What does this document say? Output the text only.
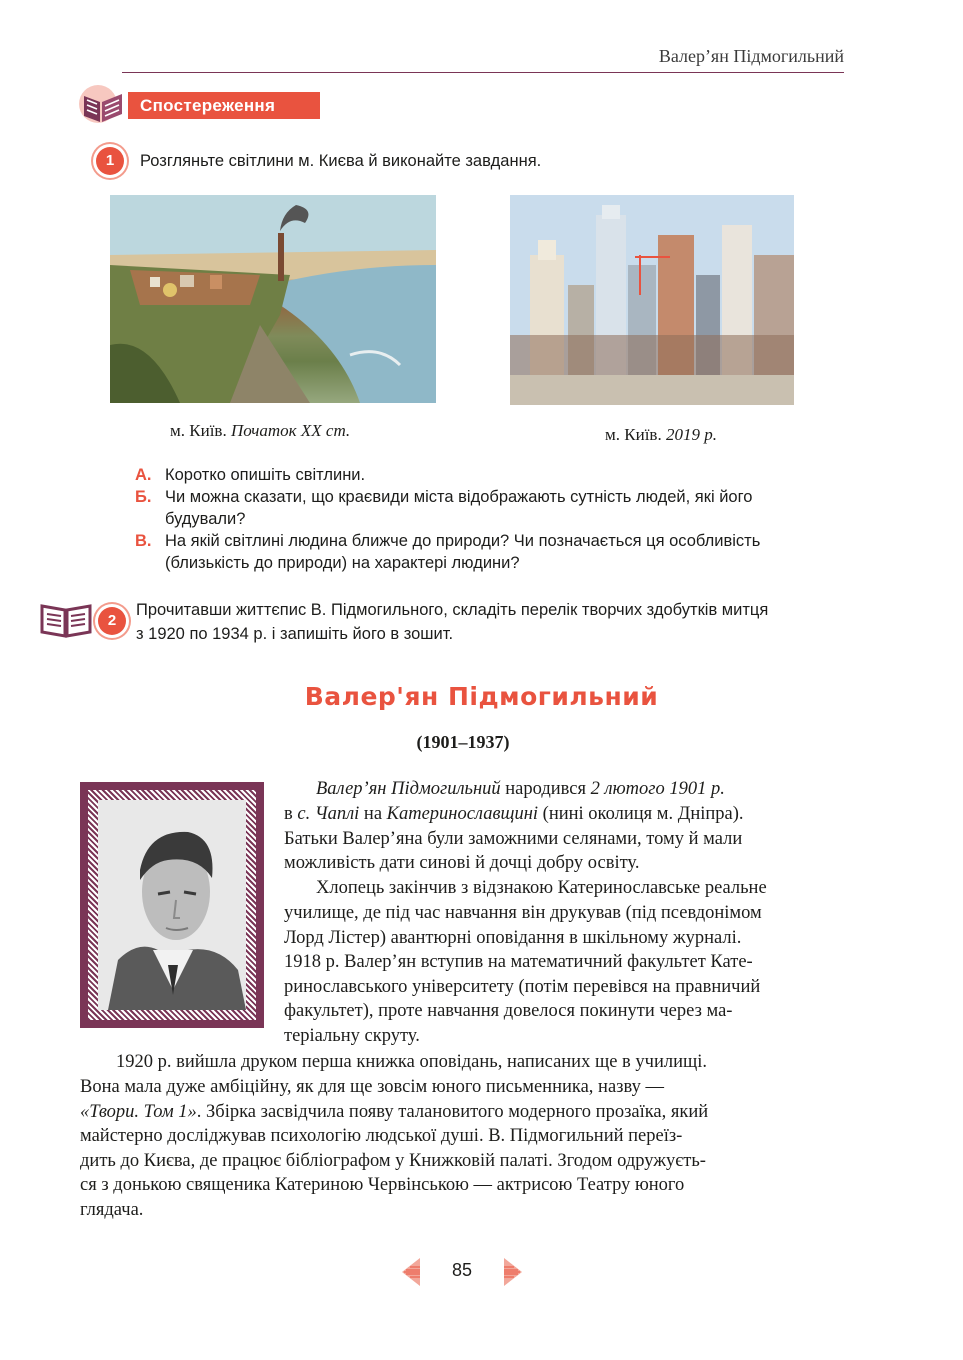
Валер’ян Підмогильний
Спостереження
1	Розгляньте світлини м. Києва й виконайте завдання.
м. Київ. Початок XX ст.	м. Київ. 2019 р.
А. Коротко опишіть світлини.
Б. Чи можна сказати, що краєвиди міста відображають сутність людей, які його
будували?
В. На якій світлині людина ближче до природи? Чи позначається ця особливість
(близькість до природи) на характері людини?
2
Прочитавши життєпис В. Підмогильного, складіть перелік творчих здобутків митця
з 1920 по 1934 р. і запишіть його в зошит.
Валер'ян Підмогильний
(1901–1937)
Валер’ян Підмогильний народився 2 лютого 1901 р.
в с. Чаплі на Катеринославщині (нині околиця м. Дніпра).
Батьки Валер’яна були заможними селянами, тому й мали
можливість дати синові й дочці добру освіту.
Хлопець закінчив з відзнакою Катеринославське реальне
училище, де під час навчання він друкував (під псевдонімом
Лорд Лістер) авантюрні оповідання в шкільному журналі.
1918 р. Валер’ян вступив на математичний факультет Кате-
ринославського університету (потім перевівся на правничий
факультет), проте навчання довелося покинути через ма-
теріальну скруту.
1920 р. вийшла друком перша книжка оповідань, написаних ще в училищі.
Вона мала дуже амбіційну, як для ще зовсім юного письменника, назву —
«Твори. Том 1». Збірка засвідчила появу талановитого модерного прозаїка, який
майстерно досліджував психологію людської душі. В. Підмогильний переїз-
дить до Києва, де працює бібліографом у Книжковій палаті. Згодом одружуєть-
ся з донькою священика Катериною Червінською — актрисою Театру юного
глядача.
85
